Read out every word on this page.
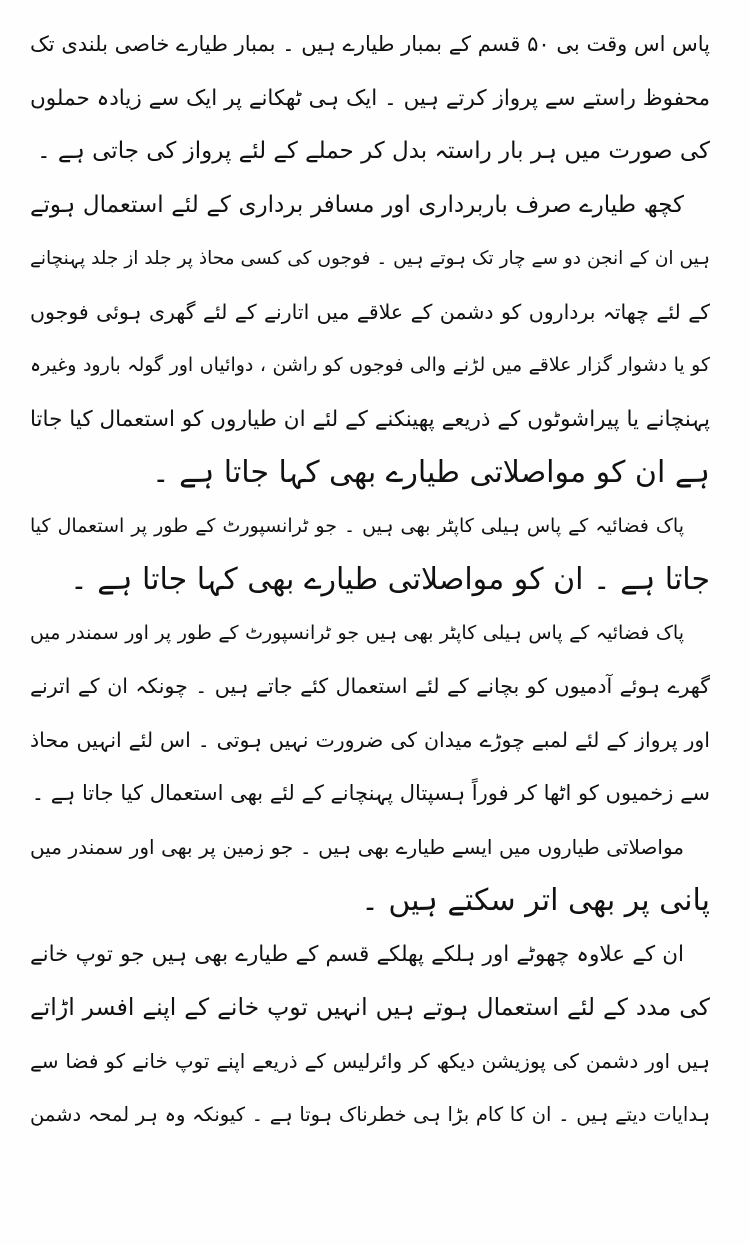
پاس اس وقت بی ۵۰ قسم کے بمبار طیارے ہیں ۔ بمبار طیارے خاصی بلندی تک
محفوظ راستے سے پرواز کرتے ہیں ۔ ایک ہی ٹھکانے پر ایک سے زیادہ حملوں
کی صورت میں ہر بار راستہ بدل کر حملے کے لئے پرواز کی جاتی ہے ۔
کچھ طیارے صرف باربرداری اور مسافر برداری کے لئے استعمال ہوتے
ہیں ان کے انجن دو سے چار تک ہوتے ہیں ۔ فوجوں کی کسی محاذ پر جلد از جلد پہنچانے
کے لئے چھاتہ برداروں کو دشمن کے علاقے میں اتارنے کے لئے گھری ہوئی فوجوں
کو یا دشوار گزار علاقے میں لڑنے والی فوجوں کو راشن ، دوائیاں اور گولہ بارود وغیرہ
پہنچانے یا پیراشوٹوں کے ذریعے پھینکنے کے لئے ان طیاروں کو استعمال کیا جاتا
ہے ان کو مواصلاتی طیارے بھی کہا جاتا ہے ۔
پاک فضائیہ کے پاس ہیلی کاپٹر بھی ہیں ۔ جو ٹرانسپورٹ کے طور پر استعمال کیا
جاتا ہے ۔ ان کو مواصلاتی طیارے بھی کہا جاتا ہے ۔
پاک فضائیہ کے پاس ہیلی کاپٹر بھی ہیں جو ٹرانسپورٹ کے طور پر اور سمندر میں
گھرے ہوئے آدمیوں کو بچانے کے لئے استعمال کئے جاتے ہیں ۔ چونکہ ان کے اترنے
اور پرواز کے لئے لمبے چوڑے میدان کی ضرورت نہیں ہوتی ۔ اس لئے انہیں محاذ
سے زخمیوں کو اٹھا کر فوراً ہسپتال پہنچانے کے لئے بھی استعمال کیا جاتا ہے ۔
مواصلاتی طیاروں میں ایسے طیارے بھی ہیں ۔ جو زمین پر بھی اور سمندر میں
پانی پر بھی اتر سکتے ہیں ۔
ان کے علاوہ چھوٹے اور ہلکے پھلکے قسم کے طیارے بھی ہیں جو توپ خانے
کی مدد کے لئے استعمال ہوتے ہیں انہیں توپ خانے کے اپنے افسر اڑاتے
ہیں اور دشمن کی پوزیشن دیکھ کر وائرلیس کے ذریعے اپنے توپ خانے کو فضا سے
ہدایات دیتے ہیں ۔ ان کا کام بڑا ہی خطرناک ہوتا ہے ۔ کیونکہ وہ ہر لمحہ دشمن
